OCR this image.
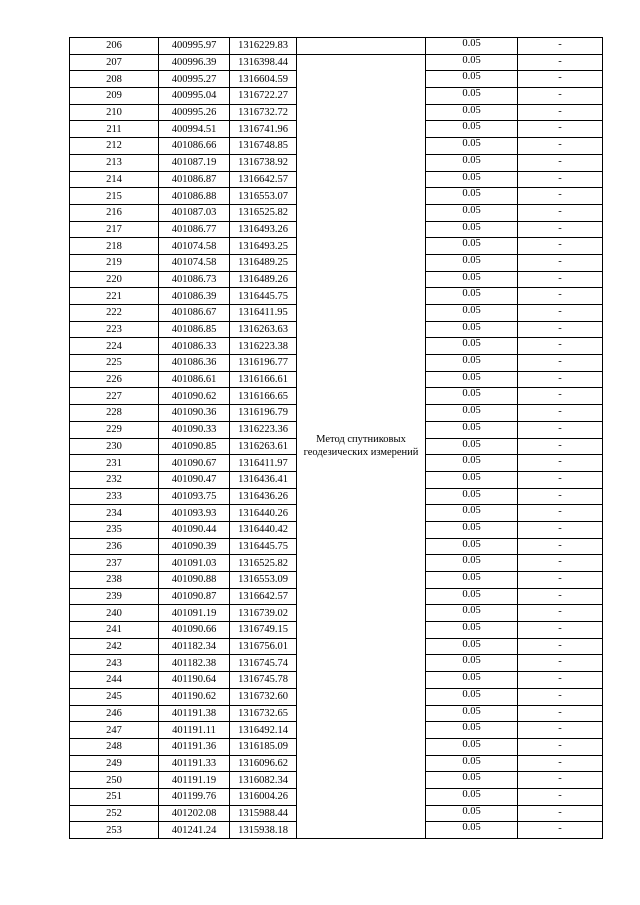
206	400995.97	1316229.83		0.05	-
207	400996.39	1316398.44	Метод спутниковых геодезических измерений	0.05	-
208	400995.27	1316604.59		0.05	-
209	400995.04	1316722.27		0.05	-
210	400995.26	1316732.72		0.05	-
211	400994.51	1316741.96		0.05	-
212	401086.66	1316748.85		0.05	-
213	401087.19	1316738.92		0.05	-
214	401086.87	1316642.57		0.05	-
215	401086.88	1316553.07		0.05	-
216	401087.03	1316525.82		0.05	-
217	401086.77	1316493.26		0.05	-
218	401074.58	1316493.25		0.05	-
219	401074.58	1316489.25		0.05	-
220	401086.73	1316489.26		0.05	-
221	401086.39	1316445.75		0.05	-
222	401086.67	1316411.95		0.05	-
223	401086.85	1316263.63		0.05	-
224	401086.33	1316223.38		0.05	-
225	401086.36	1316196.77		0.05	-
226	401086.61	1316166.61		0.05	-
227	401090.62	1316166.65		0.05	-
228	401090.36	1316196.79		0.05	-
229	401090.33	1316223.36		0.05	-
230	401090.85	1316263.61		0.05	-
231	401090.67	1316411.97		0.05	-
232	401090.47	1316436.41		0.05	-
233	401093.75	1316436.26		0.05	-
234	401093.93	1316440.26		0.05	-
235	401090.44	1316440.42		0.05	-
236	401090.39	1316445.75		0.05	-
237	401091.03	1316525.82		0.05	-
238	401090.88	1316553.09		0.05	-
239	401090.87	1316642.57		0.05	-
240	401091.19	1316739.02		0.05	-
241	401090.66	1316749.15		0.05	-
242	401182.34	1316756.01		0.05	-
243	401182.38	1316745.74		0.05	-
244	401190.64	1316745.78		0.05	-
245	401190.62	1316732.60		0.05	-
246	401191.38	1316732.65		0.05	-
247	401191.11	1316492.14		0.05	-
248	401191.36	1316185.09		0.05	-
249	401191.33	1316096.62		0.05	-
250	401191.19	1316082.34		0.05	-
251	401199.76	1316004.26		0.05	-
252	401202.08	1315988.44		0.05	-
253	401241.24	1315938.18		0.05	-
